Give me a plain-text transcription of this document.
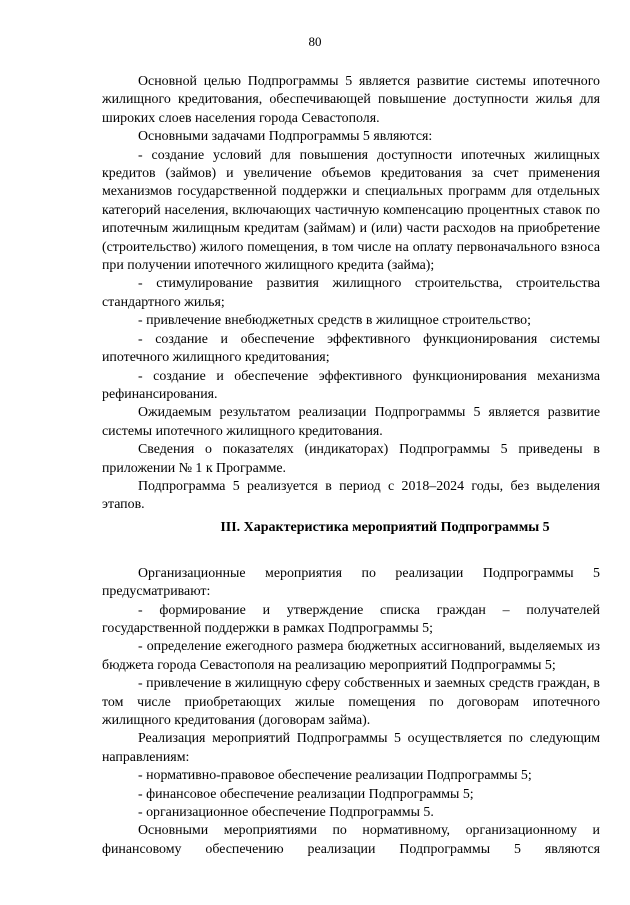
80

Основной целью Подпрограммы 5 является развитие системы ипотечного жилищного кредитования, обеспечивающей повышение доступности жилья для широких слоев населения города Севастополя.

Основными задачами Подпрограммы 5 являются:

- создание условий для повышения доступности ипотечных жилищных кредитов (займов) и увеличение объемов кредитования за счет применения механизмов государственной поддержки и специальных программ для отдельных категорий населения, включающих частичную компенсацию процентных ставок по ипотечным жилищным кредитам (займам) и (или) части расходов на приобретение (строительство) жилого помещения, в том числе на оплату первоначального взноса при получении ипотечного жилищного кредита (займа);

- стимулирование развития жилищного строительства, строительства стандартного жилья;

- привлечение внебюджетных средств в жилищное строительство;

- создание и обеспечение эффективного функционирования системы ипотечного жилищного кредитования;

- создание и обеспечение эффективного функционирования механизма рефинансирования.

Ожидаемым результатом реализации Подпрограммы 5 является развитие системы ипотечного жилищного кредитования.

Сведения о показателях (индикаторах) Подпрограммы 5 приведены в приложении № 1 к Программе.

Подпрограмма 5 реализуется в период с 2018–2024 годы, без выделения этапов.

III. Характеристика мероприятий Подпрограммы 5

Организационные мероприятия по реализации Подпрограммы 5 предусматривают:

- формирование и утверждение списка граждан – получателей государственной поддержки в рамках Подпрограммы 5;

- определение ежегодного размера бюджетных ассигнований, выделяемых из бюджета города Севастополя на реализацию мероприятий Подпрограммы 5;

- привлечение в жилищную сферу собственных и заемных средств граждан, в том числе приобретающих жилые помещения по договорам ипотечного жилищного кредитования (договорам займа).

Реализация мероприятий Подпрограммы 5 осуществляется по следующим направлениям:

- нормативно-правовое обеспечение реализации Подпрограммы 5;

- финансовое обеспечение реализации Подпрограммы 5;

- организационное обеспечение Подпрограммы 5.

Основными мероприятиями по нормативному, организационному и финансовому обеспечению реализации Подпрограммы 5 являются
